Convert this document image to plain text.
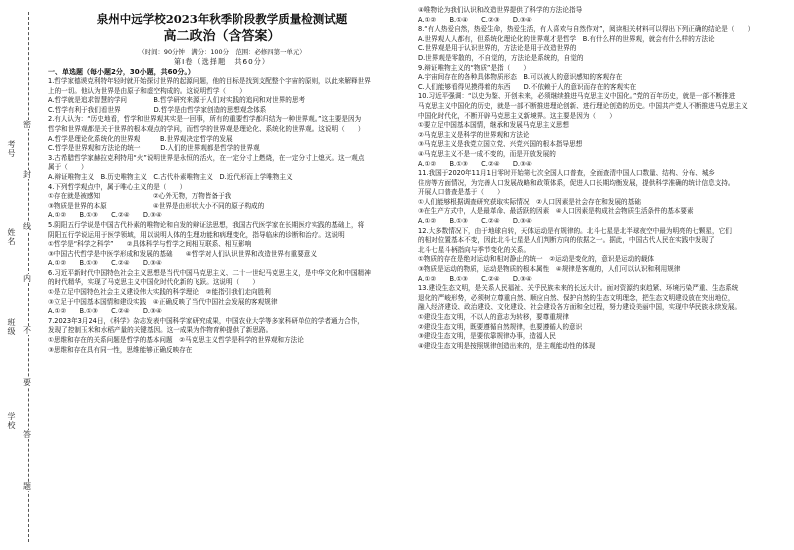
考号
姓名
班级
学校
密
封
线
内
不
要
答
题
泉州中远学校2023年秋季阶段教学质量检测试题
高二政治（含答案）
（时间：90分钟　满分：100分　范围：必修四第一单元）
第Ⅰ卷（选择题　共60分）
一、单选题（每小题2分，30小题，共60分。）
1.哲学家德谟克利特年轻时就开始探讨世界的起源问题，他的目标是找到支配整个宇宙的原则，以此来解释世界
上的一切。他认为世界是由原子和虚空构成的。这说明哲学（　　）
A.哲学就是追求智慧的学问　　　　B.哲学研究来源于人们对实践的追问和对世界的思考
C.哲学有利于我们看世界　　　　　D.哲学是由哲学家创造的思想观念体系
2.有人认为：“历史地看，哲学和世界观其实是一回事，所有的重要哲学都归结为一种世界观。”这主要是因为
哲学和世界观都是关于世界的根本观点的学问，而哲学的世界观是理论化、系统化的世界观。这说明（　　）
A.哲学是理论化系统化的世界观　　　B.世界观决定哲学的发展
C.哲学是世界观和方法论的统一　　　D.人们的世界观都是哲学的世界观
3.古希腊哲学家赫拉克利特用“火”说明世界是永恒的活火，在一定分寸上燃烧，在一定分寸上熄灭。这一观点
属于（　　）
A.辩证唯物主义　B.历史唯物主义　C.古代朴素唯物主义　D.近代形而上学唯物主义
4.下列哲学观点中，属于唯心主义的是（　　）
①存在就是被感知　　　　　　　　②心外无物，万物皆备于我
③物质是世界的本原　　　　　　　④世界是由形状大小不同的原子构成的
A.①②　　B.①③　　C.②④　　D.③④
5.阴阳五行学说是中国古代朴素的唯物论和自发的辩证法思想，我国古代医学家在长期医疗实践的基础上，将
阴阳五行学说运用于医学领域，用以说明人体的生理功能和病理变化，指导临床的诊断和治疗。这说明
①哲学是“科学之科学”　　②具体科学与哲学之间相互联系、相互影响
③中国古代哲学是中医学形成和发展的基础　　④哲学对人们认识世界和改造世界有重要意义
A.①②　　B.①③　　C.②④　　D.③④
6.习近平新时代中国特色社会主义思想是当代中国马克思主义、二十一世纪马克思主义，是中华文化和中国精神
的时代精华，实现了马克思主义中国化时代化新的飞跃。这说明（　　）
①是立足中国特色社会主义建设伟大实践的科学理论　②能指引我们走向胜利
③立足于中国基本国情和建设实践　④正确反映了当代中国社会发展的客观规律
A.①②　　B.①③　　C.②④　　D.③④
7.2023年3月24日，《科学》杂志发表中国科学家研究成果，中国农业大学等多家科研单位的学者通力合作，
发现了控制玉米和水稻产量的关键基因。这一成果为作物育种提供了新思路。
①思维和存在的关系问题是哲学的基本问题　②马克思主义哲学是科学的世界观和方法论
③思维和存在具有同一性，思维能够正确反映存在
④唯物论为我们认识和改造世界提供了科学的方法论指导
A.①②　　B.①④　　C.②③　　D.③④
8.“有人热爱自然，热爱生命，热爱生活，有人喜欢与自然作对”，阅读相关材料可以得出下列正确的结论是（　　）
A.世界观人人都有，但系统化理论化的世界观才是哲学　B.有什么样的世界观，就会有什么样的方法论
C.世界观是用于认识世界的，方法论是用于改造世界的
D.世界观是零散的，不自觉的，方法论是系统的，自觉的
9.辩证唯物主义的“物质”是指（　　）
A.宇宙间存在的各种具体物质形态　B.可以被人的意识感知的客观存在
C.人们能够看得见摸得着的东西　　D.不依赖于人的意识而存在的客观实在
10.习近平强调：“以史为鉴、开创未来，必须继续推进马克思主义中国化。”党的百年历史，就是一部不断推进
马克思主义中国化的历史，就是一部不断推进理论创新、进行理论创造的历史。中国共产党人不断推进马克思主义
中国化时代化，不断开辟马克思主义新境界。这主要是因为（　　）
①要立足中国基本国情，继承和发展马克思主义思想
②马克思主义是科学的世界观和方法论
③马克思主义是我党立国立党、兴党兴国的根本指导思想
④马克思主义不是一成不变的，而是开放发展的
A.①②　　B.①③　　C.②④　　D.③④
11.我国于2020年11月1日零时开始第七次全国人口普查，全面查清中国人口数量、结构、分布、城乡
住房等方面情况，为完善人口发展战略和政策体系，促进人口长期均衡发展，提供科学准确的统计信息支持。
开展人口普查是基于（　　）
①人们能够根据调查研究获取实际情况　②人口因素是社会存在和发展的基础
③在生产方式中，人是最革命、最活跃的因素　④人口因素是构成社会物质生活条件的基本要素
A.①②　　B.①③　　C.②④　　D.③④
12.大多数情况下，由于地球自转，天体运动是有规律的。北斗七星是北半球夜空中最为明亮的七颗星，它们
的相对位置基本不变，因此北斗七星是人们判断方向的依据之一。据此，中国古代人民在实践中发现了
北斗七星斗柄指向与季节变化的关系。
①物质的存在是绝对运动和相对静止的统一　②运动是变化的，意识是运动的载体
③物质是运动的物质，运动是物质的根本属性　④规律是客观的，人们可以认识和利用规律
A.①②　　B.①③　　C.②④　　D.③④
13.建设生态文明，是关系人民福祉、关乎民族未来的长远大计。面对资源约束趋紧、环境污染严重、生态系统
退化的严峻形势，必须树立尊重自然、顺应自然、保护自然的生态文明理念，把生态文明建设放在突出地位，
融入经济建设、政治建设、文化建设、社会建设各方面和全过程，努力建设美丽中国，实现中华民族永续发展。
①建设生态文明，不以人的意志为转移，要尊重规律
②建设生态文明，既要遵循自然规律，也要遵循人的意识
③建设生态文明，是要依靠规律办事，造福人民
④建设生态文明是按照规律创造出来的，是主观能动性的体现
